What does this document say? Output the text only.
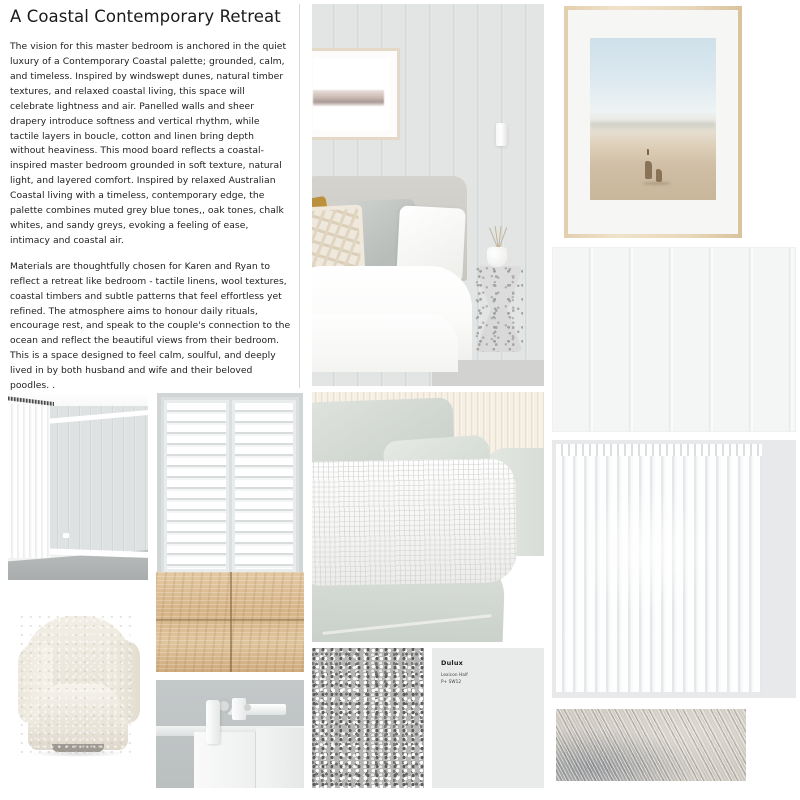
A Coastal Contemporary Retreat

The vision for this master bedroom is anchored in the quiet luxury of a Contemporary Coastal palette; grounded, calm, and timeless. Inspired by windswept dunes, natural timber textures, and relaxed coastal living, this space will celebrate lightness and air. Panelled walls and sheer drapery introduce softness and vertical rhythm, while tactile layers in boucle, cotton and linen bring depth without heaviness. This mood board reflects a coastal-inspired master bedroom grounded in soft texture, natural light, and layered comfort. Inspired by relaxed Australian Coastal living with a timeless, contemporary edge, the palette combines muted grey blue tones,, oak tones, chalk whites, and sandy greys, evoking a feeling of ease, intimacy and coastal air.

Materials are thoughtfully chosen for Karen and Ryan to reflect a retreat like bedroom - tactile linens, wool textures, coastal timbers and subtle patterns that feel effortless yet refined. The atmosphere aims to honour daily rituals, encourage rest, and speak to the couple's connection to the ocean and reflect the beautiful views from their bedroom. This is a space designed to feel calm, soulful, and deeply lived in by both husband and wife and their beloved poodles. .

Dulux
Lexicon Half
P+ SW12
